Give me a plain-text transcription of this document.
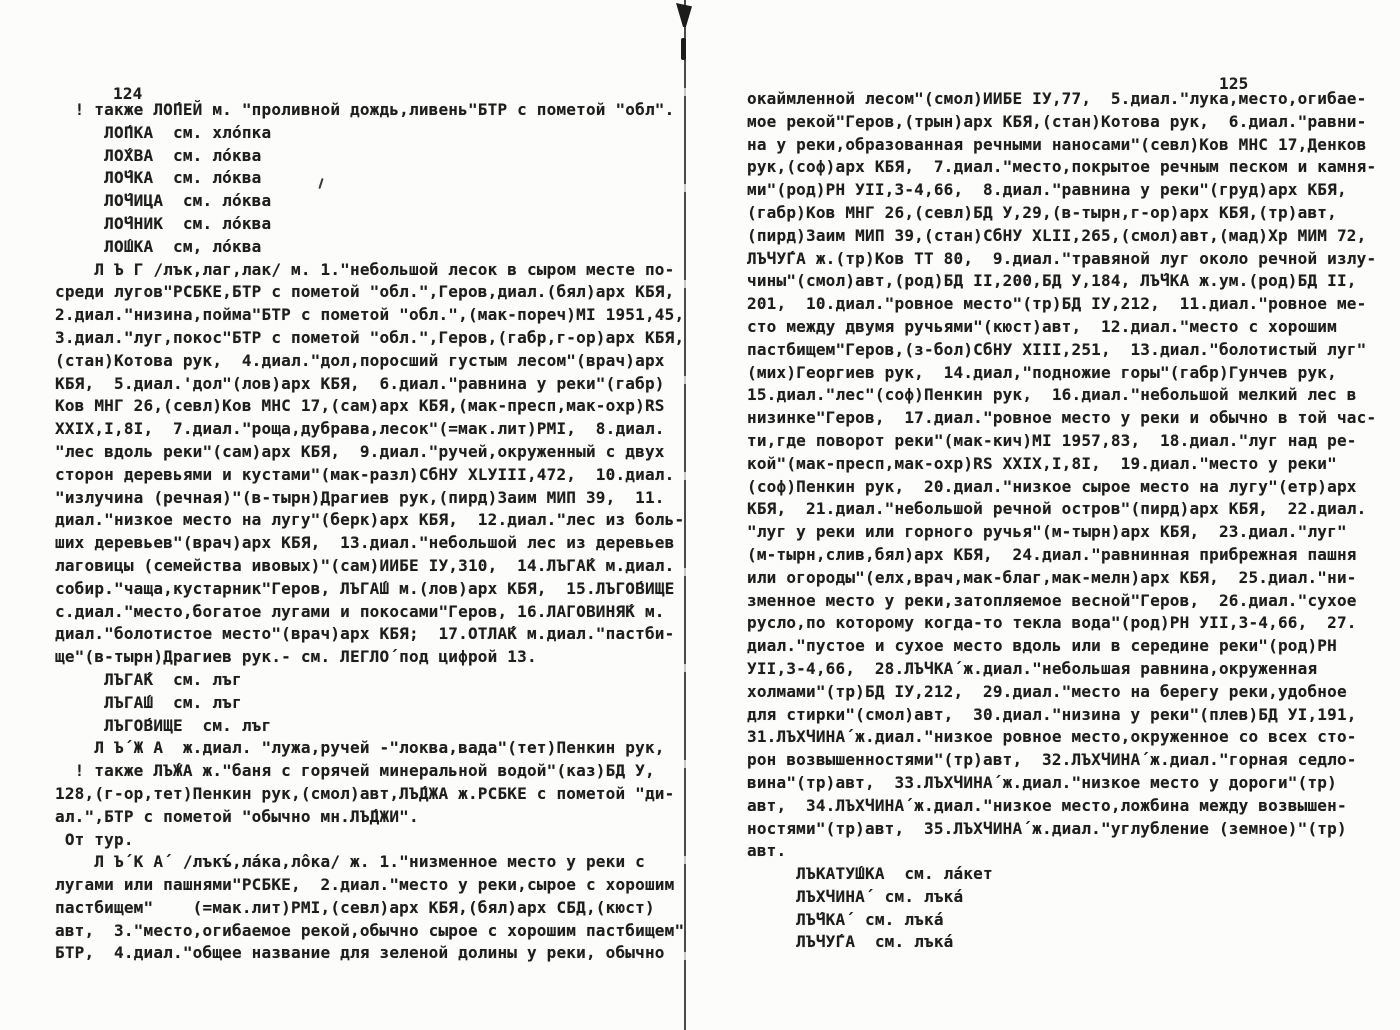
124
125
! также ЛО́ПЕЙ м. "проливной дождь,ливень"БТР с пометой "обл".
ЛО́ПКА  см. хло́пка
ЛО́ХВА  см. ло́ква
ЛО́ЧКА  см. ло́ква
ЛО́ЧИЦА  см. ло́ква
ЛО́ЧНИК  см. ло́ква
ЛО́ШКА  см, ло́ква
Л Ъ Г /лък,лаг,лак/ м. 1."небольшой лесок в сыром месте по-
среди лугов"РСБКЕ,БТР с пометой "обл.",Геров,диал.(бял)арх КБЯ,
2.диал."низина,пойма"БТР с пометой "обл.",(мак-пореч)МI 1951,45,
3.диал."луг,покос"БТР с пометой "обл.",Геров,(габр,г-ор)арх КБЯ,
(стан)Котова рук,  4.диал."дол,поросший густым лесом"(врач)арх
КБЯ,  5.диал.'дол"(лов)арх КБЯ,  6.диал."равнина у реки"(габр)
Ков МНГ 26,(севл)Ков МНС 17,(сам)арх КБЯ,(мак-пресп,мак-охр)RS
XXIX,I,8I,  7.диал."роща,дубрава,лесок"(=мак.лит)РМI,  8.диал.
"лес вдоль реки"(сам)арх КБЯ,  9.диал."ручей,окруженный с двух
сторон деревьями и кустами"(мак-разл)СбНУ ХLУIII,472,  10.диал.
"излучина (речная)"(в-тырн)Драгиев рук,(пирд)Заим МИП 39,  11.
диал."низкое место на лугу"(берк)арх КБЯ,  12.диал."лес из боль-
ших деревьев"(врач)арх КБЯ,  13.диал."небольшой лес из деревьев
лаговицы (семейства ивовых)"(сам)ИИБЕ IУ,310,  14.ЛЪГА́К м.диал.
собир."чаща,кустарник"Геров, ЛЪГА́Ш м.(лов)арх КБЯ,  15.ЛЪГО́ВИЩЕ
с.диал."место,богатое лугами и покосами"Геров, 16.ЛАГОВИНЯ́К м.
диал."болотистое место"(врач)арх КБЯ;  17.ОТЛА́К м.диал."пастби-
ще"(в-тырн)Драгиев рук.- см. ЛЕГЛО́ под цифрой 13.
ЛЪГА́К  см. лъг
ЛЪГА́Ш  см. лъг
ЛЪГО́ВИЩЕ  см. лъг
Л Ъ́ Ж А  ж.диал. "лужа,ручей -"локва,вада"(тет)Пенкин рук,
! также ЛЪ́ЖА ж."баня с горячей минеральной водой"(каз)БД У,
128,(г-ор,тет)Пенкин рук,(смол)авт,ЛЪ́ДЖА ж.РСБКЕ с пометой "ди-
ал.",БТР с пометой "обычно мн.ЛЪ́ДЖИ".
От тур.
Л Ъ́ К А́  /лъкъ́,ла́ка,лôка/ ж. 1."низменное место у реки с
лугами или пашнями"РСБКЕ,  2.диал."место у реки,сырое с хорошим
пастбищем"    (=мак.лит)РМI,(севл)арх КБЯ,(бял)арх СБД,(кюст)
авт,  3."место,огибаемое рекой,обычно сырое с хорошим пастбищем"
БТР,  4.диал."общее название для зеленой долины у реки, обычно
окаймленной лесом"(смол)ИИБЕ IУ,77,  5.диал."лука,место,огибае-
мое рекой"Геров,(трын)арх КБЯ,(стан)Котова рук,  6.диал."равни-
на у реки,образованная речными наносами"(севл)Ков МНС 17,Денков
рук,(соф)арх КБЯ,  7.диал."место,покрытое речным песком и камня-
ми"(род)РН УII,3-4,66,  8.диал."равнина у реки"(груд)арх КБЯ,
(габр)Ков МНГ 26,(севл)БД У,29,(в-тырн,г-ор)арх КБЯ,(тр)авт,
(пирд)Заим МИП 39,(стан)СбНУ ХLII,265,(смол)авт,(мад)Хр МИМ 72,
ЛЪЧУ́ГА ж.(тр)Ков ТТ 80,  9.диал."травяной луг около речной излу-
чины"(смол)авт,(род)БД II,200,БД У,184, ЛЪ́ЧКА ж.ум.(род)БД II,
201,  10.диал."ровное место"(тр)БД IУ,212,  11.диал."ровное ме-
сто между двумя ручьями"(кюст)авт,  12.диал."место с хорошим
пастбищем"Геров,(з-бол)СбНУ ХIII,251,  13.диал."болотистый луг"
(мих)Георгиев рук,  14.диал,"подножие горы"(габр)Гунчев рук,
15.диал."лес"(соф)Пенкин рук,  16.диал."небольшой мелкий лес в
низинке"Геров,  17.диал."ровное место у реки и обычно в той час-
ти,где поворот реки"(мак-кич)МI 1957,83,  18.диал."луг над ре-
кой"(мак-пресп,мак-охр)RS XXIX,I,8I,  19.диал."место у реки"
(соф)Пенкин рук,  20.диал."низкое сырое место на лугу"(етр)арх
КБЯ,  21.диал."небольшой речной остров"(пирд)арх КБЯ,  22.диал.
"луг у реки или горного ручья"(м-тырн)арх КБЯ,  23.диал."луг"
(м-тырн,слив,бял)арх КБЯ,  24.диал."равнинная прибрежная пашня
или огороды"(елх,врач,мак-благ,мак-мелн)арх КБЯ,  25.диал."ни-
зменное место у реки,затопляемое весной"Геров,  26.диал."сухое
русло,по которому когда-то текла вода"(род)РН УII,3-4,66,  27.
диал."пустое и сухое место вдоль или в середине реки"(род)РН
УII,3-4,66,  28.ЛЪЧКА́ ж.диал."небольшая равнина,окруженная
холмами"(тр)БД IУ,212,  29.диал."место на берегу реки,удобное
для стирки"(смол)авт,  30.диал."низина у реки"(плев)БД УI,191,
31.ЛЪХЧИНА́ ж.диал."низкое ровное место,окруженное со всех сто-
рон возвышенностями"(тр)авт,  32.ЛЪХЧИНА́ ж.диал."горная седло-
вина"(тр)авт,  33.ЛЪХЧИНА́ ж.диал."низкое место у дороги"(тр)
авт,  34.ЛЪХЧИНА́ ж.диал."низкое место,ложбина между возвышен-
ностями"(тр)авт,  35.ЛЪХЧИНА́ ж.диал."углубление (земное)"(тр)
авт.
ЛЪКАТУ́ШКА  см. ла́кет
ЛЪХЧИНА́  см. лъка́
ЛЪ́ЧКА́  см. лъка́
ЛЪЧУ́ГА  см. лъка́
